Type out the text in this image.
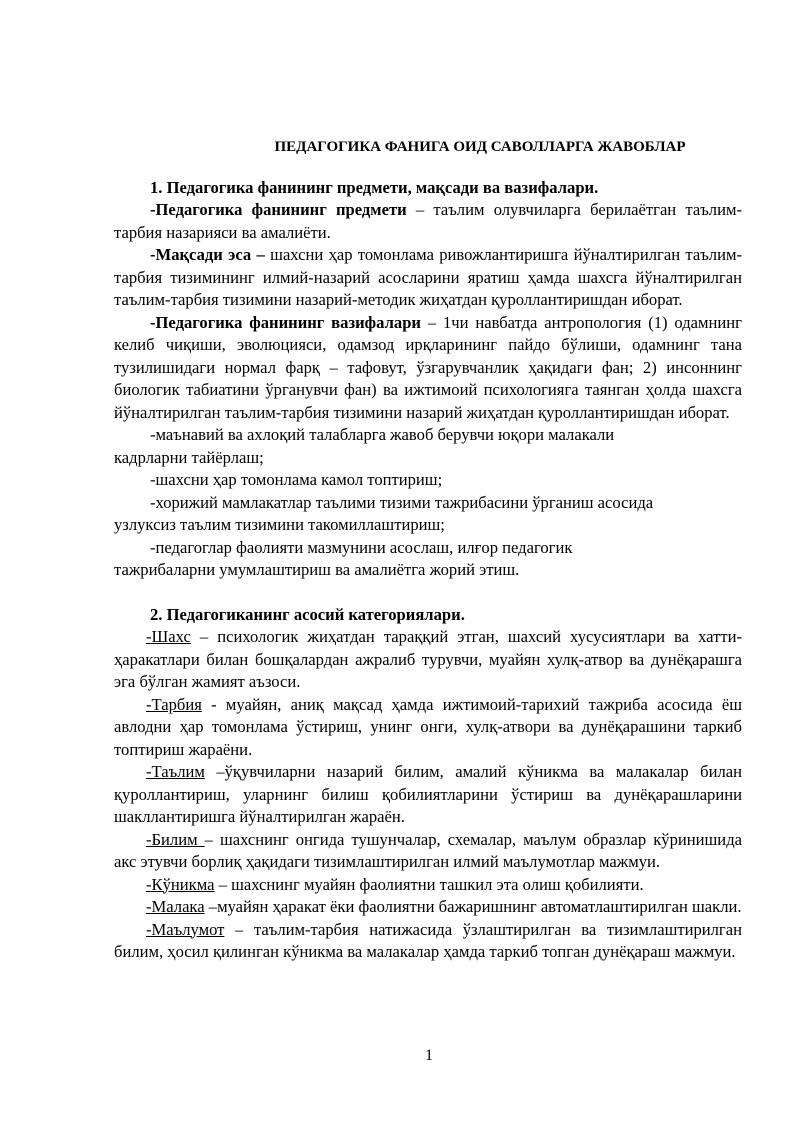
ПЕДАГОГИКА ФАНИГА ОИД САВОЛЛАРГА ЖАВОБЛАР
1. Педагогика фанининг предмети, мақсади ва вазифалари.

-Педагогика фанининг предмети – таълим олувчиларга берилаётган таълим-тарбия назарияси ва амалиёти.

-Мақсади эса – шахсни ҳар томонлама ривожлантиришга йўналтирилган таълим-тарбия тизимининг илмий-назарий асосларини яратиш ҳамда шахсга йўналтирилган таълим-тарбия тизимини назарий-методик жиҳатдан қуроллантиришдан иборат.

-Педагогика фанининг вазифалари – 1чи навбатда антропология (1) одамнинг келиб чиқиши, эволюцияси, одамзод ирқларининг пайдо бўлиши, одамнинг тана тузилишидаги нормал фарқ – тафовут, ўзгарувчанлик ҳақидаги фан; 2) инсоннинг биологик табиатини ўрганувчи фан) ва ижтимоий психологияга таянган ҳолда шахсга йўналтирилган таълим-тарбия тизимини назарий жиҳатдан қуроллантиришдан иборат.

-маънавий ва ахлоқий талабларга жавоб берувчи юқори малакали
кадрларни тайёрлаш;

-шахсни ҳар томонлама камол топтириш;

-хорижий мамлакатлар таълими тизими тажрибасини ўрганиш асосида
узлуксиз таълим тизимини такомиллаштириш;

-педагоглар фаолияти мазмунини асослаш, илғор педагогик
тажрибаларни умумлаштириш ва амалиётга жорий этиш.

2. Педагогиканинг асосий категориялари.

-Шахс – психологик жиҳатдан тараққий этган, шахсий хусусиятлари ва хатти-ҳаракатлари билан бошқалардан ажралиб турувчи, муайян хулқ-атвор ва дунёқарашга эга бўлган жамият аъзоси.

-Тарбия - муайян, аниқ мақсад ҳамда ижтимоий-тарихий тажриба асосида ёш авлодни ҳар томонлама ўстириш, унинг онги, хулқ-атвори ва дунёқарашини таркиб топтириш жараёни.

-Таълим –ўқувчиларни назарий билим, амалий кўникма ва малакалар билан қуроллантириш, уларнинг билиш қобилиятларини ўстириш ва дунёқарашларини шакллантиришга йўналтирилган жараён.

-Билим – шахснинг онгида тушунчалар, схемалар, маълум образлар кўринишида акс этувчи борлиқ ҳақидаги тизимлаштирилган илмий маълумотлар мажмуи.

-Кўникма – шахснинг муайян фаолиятни ташкил эта олиш қобилияти.

-Малака –муайян ҳаракат ёки фаолиятни бажаришнинг автоматлаштирилган шакли.

-Маълумот – таълим-тарбия натижасида ўзлаштирилган ва тизимлаштирилган билим, ҳосил қилинган кўникма ва малакалар ҳамда таркиб топган дунёқараш мажмуи.

1
